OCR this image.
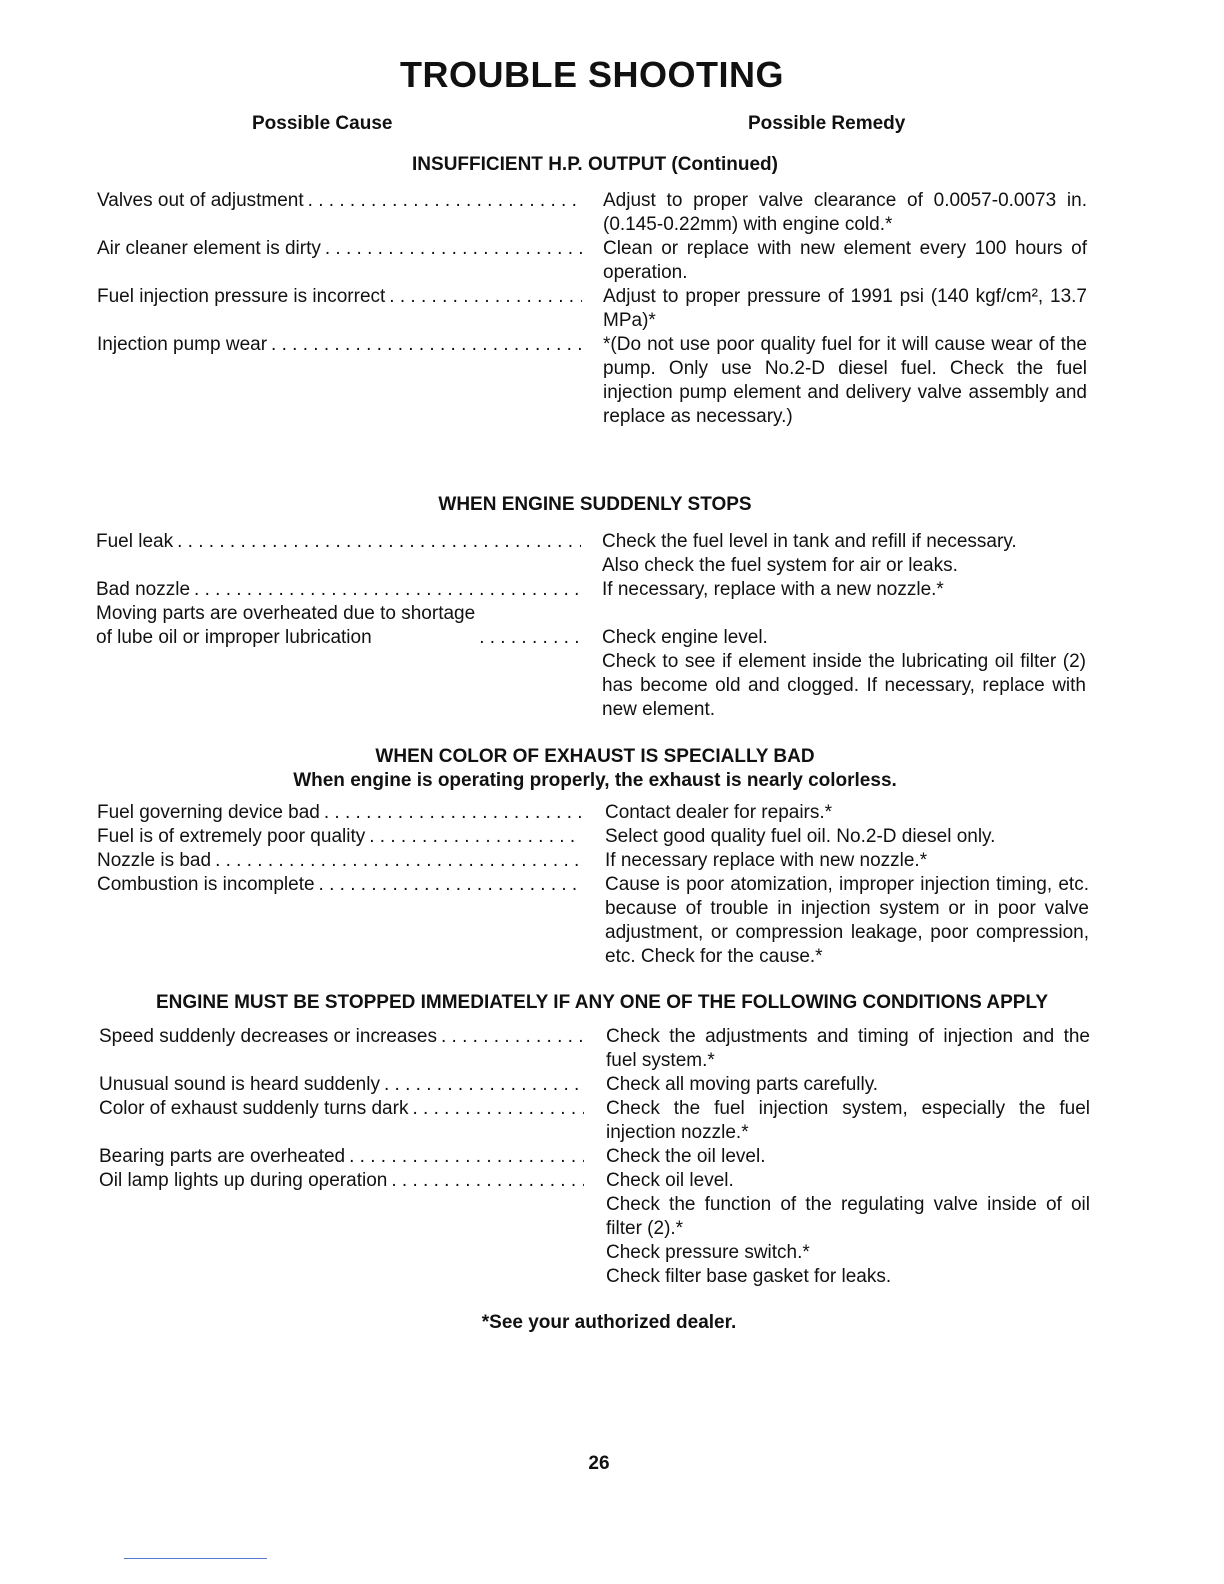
TROUBLE SHOOTING
Possible Cause	Possible Remedy
INSUFFICIENT H.P. OUTPUT (Continued)
Valves out of adjustment . . .	Adjust to proper valve clearance of 0.0057-0.0073 in. (0.145-0.22mm) with engine cold.*
Air cleaner element is dirty . . .	Clean or replace with new element every 100 hours of operation.
Fuel injection pressure is incorrect . . .	Adjust to proper pressure of 1991 psi (140 kgf/cm², 13.7 MPa)*
Injection pump wear . . .	*(Do not use poor quality fuel for it will cause wear of the pump. Only use No.2-D diesel fuel. Check the fuel injection pump element and delivery valve assembly and replace as necessary.)
WHEN ENGINE SUDDENLY STOPS
Fuel leak . . .	Check the fuel level in tank and refill if necessary.
Also check the fuel system for air or leaks.
Bad nozzle . . .	If necessary, replace with a new nozzle.*
Moving parts are overheated due to shortage
of lube oil or improper lubrication . . .	Check engine level.
Check to see if element inside the lubricating oil filter (2) has become old and clogged. If necessary, replace with new element.
WHEN COLOR OF EXHAUST IS SPECIALLY BAD
When engine is operating properly, the exhaust is nearly colorless.
Fuel governing device bad . . .	Contact dealer for repairs.*
Fuel is of extremely poor quality . . .	Select good quality fuel oil. No.2-D diesel only.
Nozzle is bad . . .	If necessary replace with new nozzle.*
Combustion is incomplete . . .	Cause is poor atomization, improper injection timing, etc. because of trouble in injection system or in poor valve adjustment, or compression leakage, poor compression, etc. Check for the cause.*
ENGINE MUST BE STOPPED IMMEDIATELY IF ANY ONE OF THE FOLLOWING CONDITIONS APPLY
Speed suddenly decreases or increases . . .	Check the adjustments and timing of injection and the fuel system.*
Unusual sound is heard suddenly . . .	Check all moving parts carefully.
Color of exhaust suddenly turns dark . . .	Check the fuel injection system, especially the fuel injection nozzle.*
Bearing parts are overheated . . .	Check the oil level.
Oil lamp lights up during operation . . .	Check oil level.
Check the function of the regulating valve inside of oil filter (2).*
Check pressure switch.*
Check filter base gasket for leaks.
*See your authorized dealer.
26
